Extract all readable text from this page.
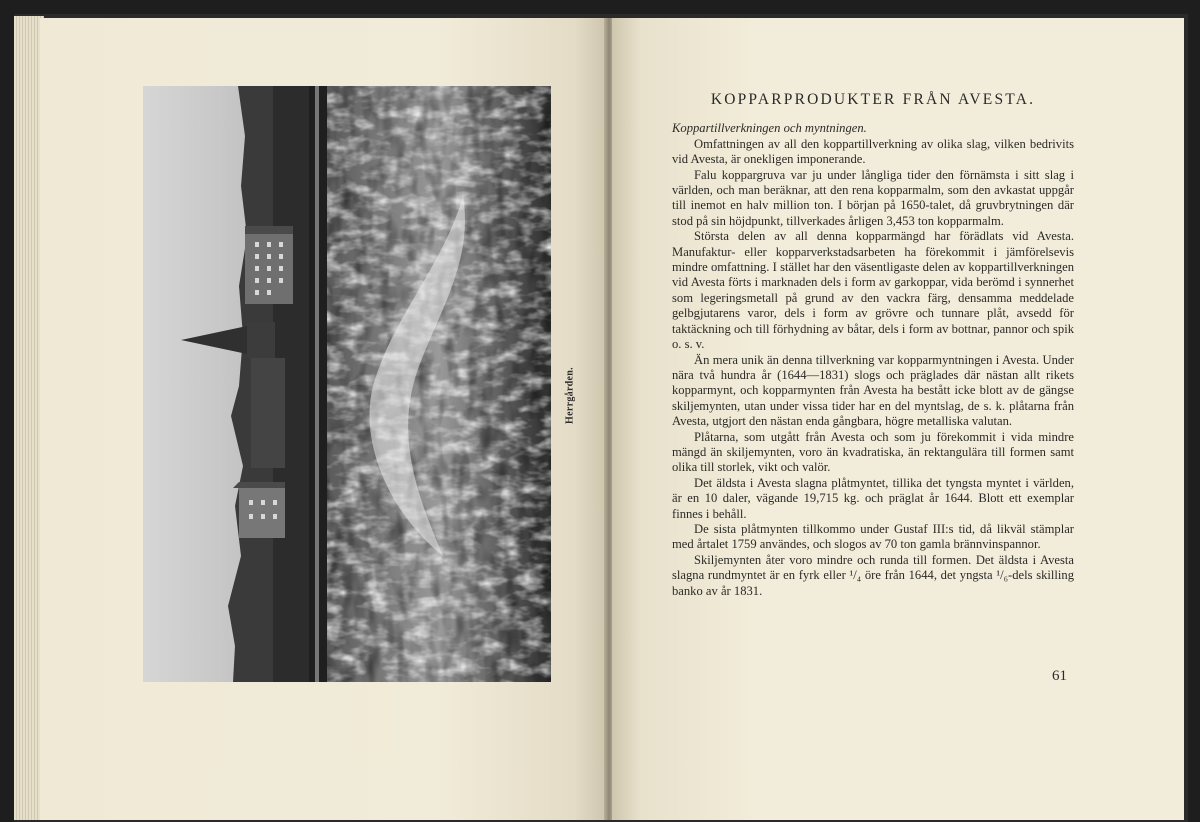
Herrgården.
KOPPARPRODUKTER FRÅN AVESTA.

Koppartillverkningen och myntningen.

Omfattningen av all den koppartillverkning av olika slag, vilken bedrivits vid Avesta, är onekligen imponerande.

Falu koppargruva var ju under långliga tider den förnämsta i sitt slag i världen, och man beräknar, att den rena kopparmalm, som den avkastat uppgår till inemot en halv million ton. I början på 1650-talet, då gruvbrytningen där stod på sin höjdpunkt, tillverkades årligen 3,453 ton kopparmalm.

Största delen av all denna kopparmängd har förädlats vid Avesta. Manufaktur- eller kopparverkstadsarbeten ha förekommit i jämförelsevis mindre omfattning. I stället har den väsentligaste delen av koppartillverkningen vid Avesta förts i marknaden dels i form av garkoppar, vida berömd i synnerhet som legeringsmetall på grund av den vackra färg, densamma meddelade gelbgjutarens varor, dels i form av grövre och tunnare plåt, avsedd för taktäckning och till förhydning av båtar, dels i form av bottnar, pannor och spik o. s. v.

Än mera unik än denna tillverkning var kopparmyntningen i Avesta. Under nära två hundra år (1644—1831) slogs och präglades där nästan allt rikets kopparmynt, och kopparmynten från Avesta ha bestått icke blott av de gängse skiljemynten, utan under vissa tider har en del myntslag, de s. k. plåtarna från Avesta, utgjort den nästan enda gångbara, högre metalliska valutan.

Plåtarna, som utgått från Avesta och som ju förekommit i vida mindre mängd än skiljemynten, voro än kvadratiska, än rektangulära till formen samt olika till storlek, vikt och valör.

Det äldsta i Avesta slagna plåtmyntet, tillika det tyngsta myntet i världen, är en 10 daler, vägande 19,715 kg. och präglat år 1644. Blott ett exemplar finnes i behåll.

De sista plåtmynten tillkommo under Gustaf III:s tid, då likväl stämplar med årtalet 1759 användes, och slogos av 70 ton gamla brännvinspannor.

Skiljemynten åter voro mindre och runda till formen. Det äldsta i Avesta slagna rundmyntet är en fyrk eller ¹/₄ öre från 1644, det yngsta ¹/₆-dels skilling banko av år 1831.

61
